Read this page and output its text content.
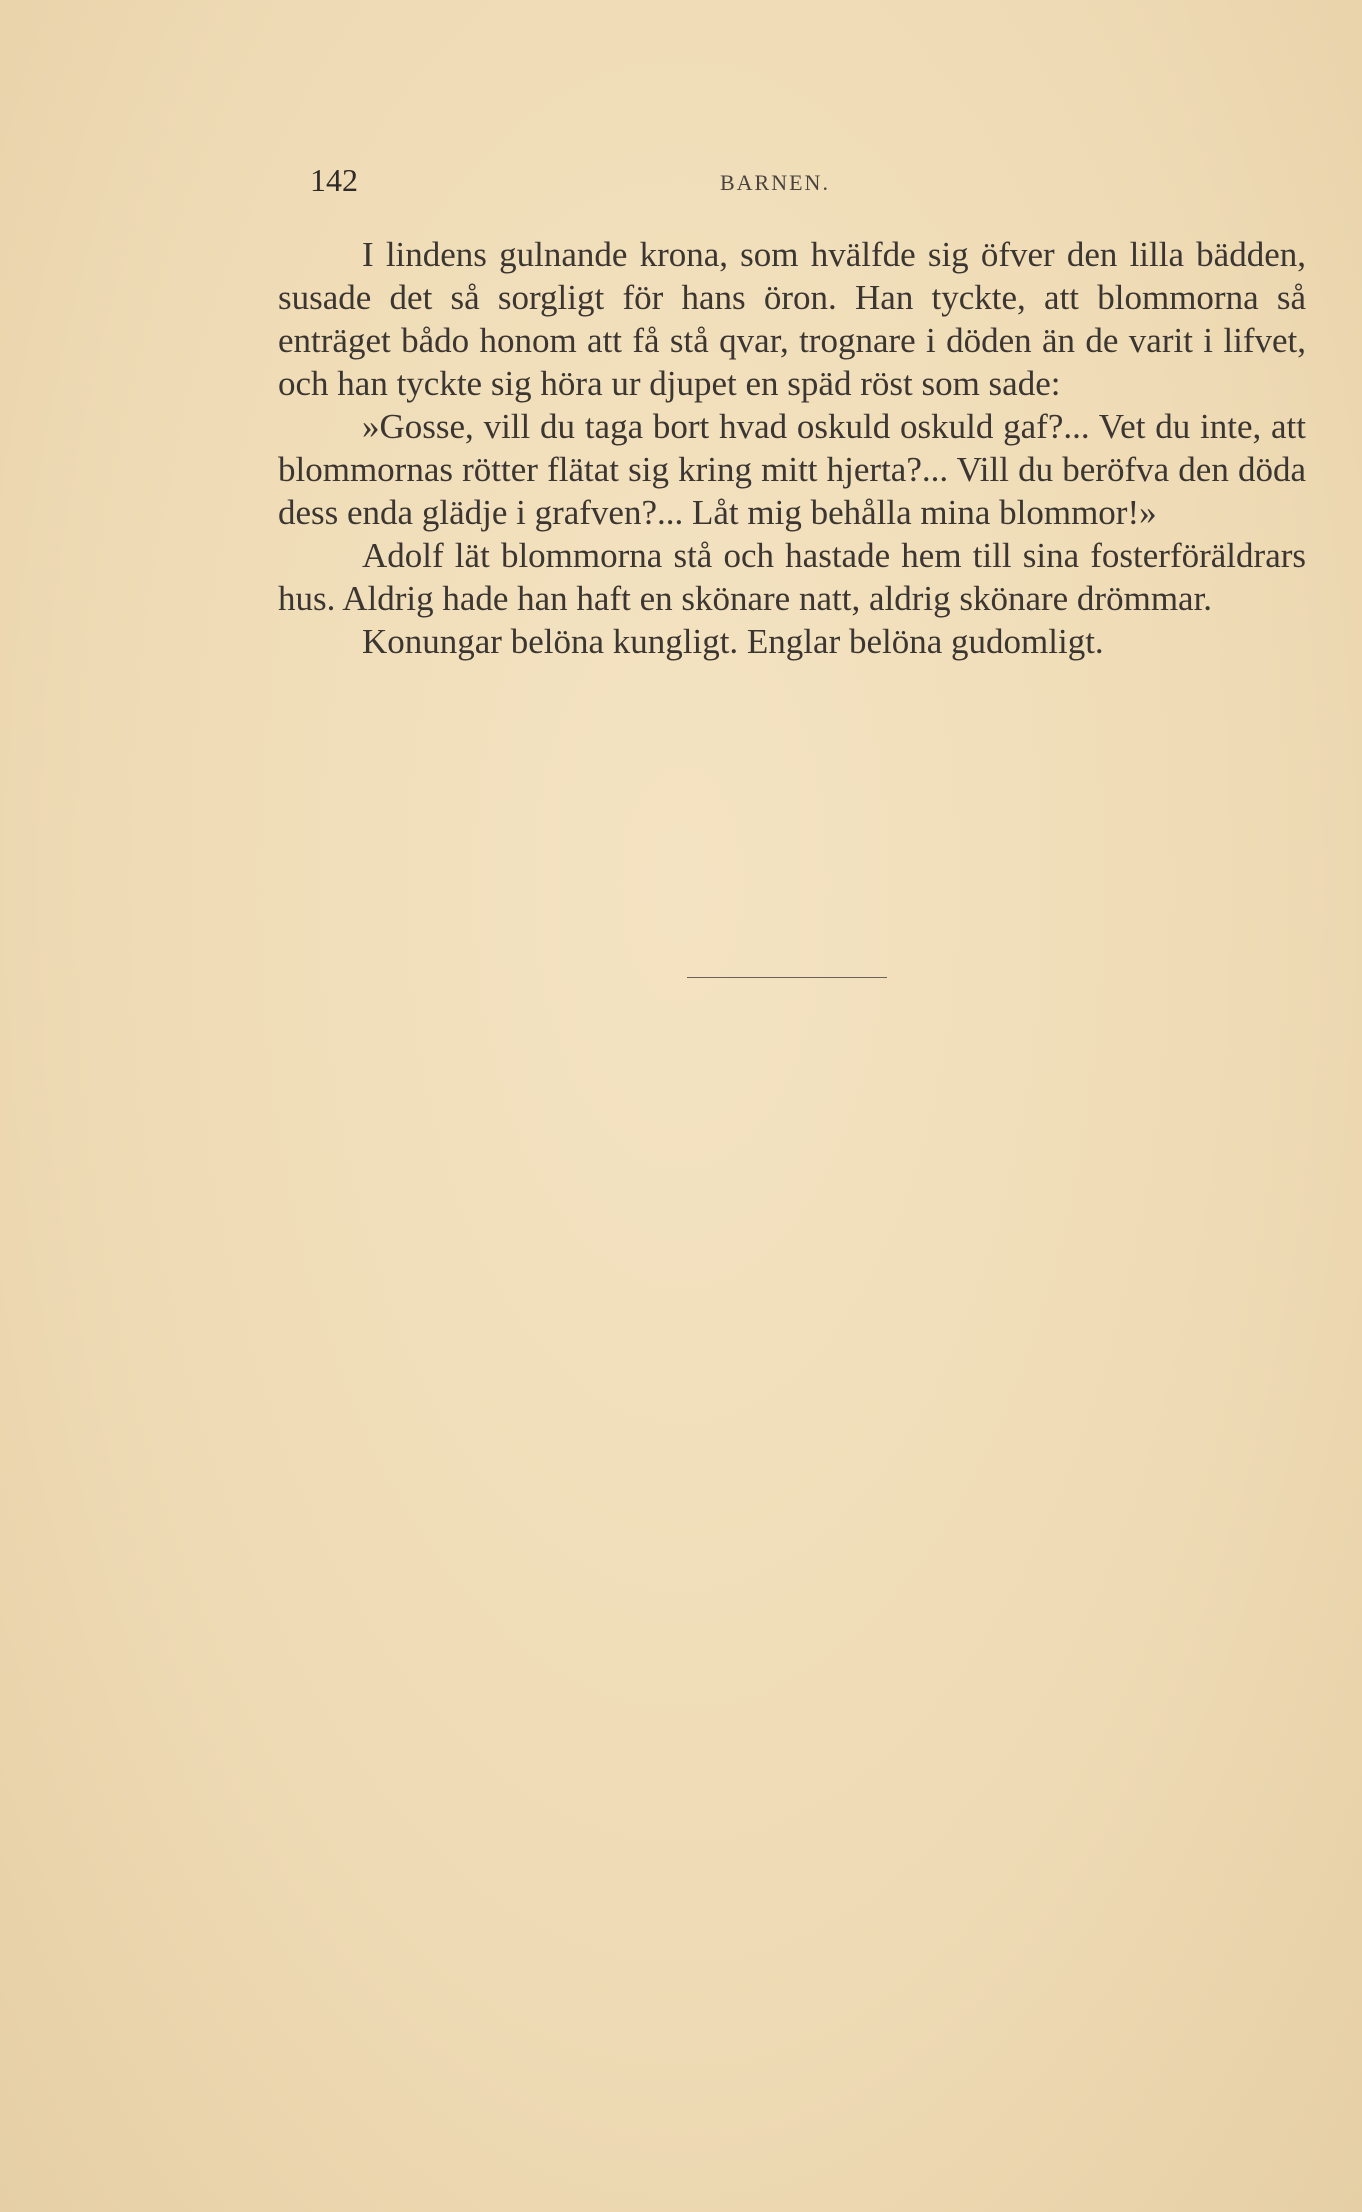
142	BARNEN.

I lindens gulnande krona, som hvälfde sig öfver den lilla bädden, susade det så sorgligt för hans öron. Han tyckte, att blommorna så enträget bådo honom att få stå qvar, trognare i döden än de varit i lifvet, och han tyckte sig höra ur djupet en späd röst som sade:

»Gosse, vill du taga bort hvad oskuld oskuld gaf?... Vet du inte, att blommornas rötter flätat sig kring mitt hjerta?... Vill du beröfva den döda dess enda glädje i grafven?... Låt mig behålla mina blommor!»

Adolf lät blommorna stå och hastade hem till sina fosterföräldrars hus. Aldrig hade han haft en skönare natt, aldrig skönare drömmar.

Konungar belöna kungligt. Englar belöna gudomligt.
